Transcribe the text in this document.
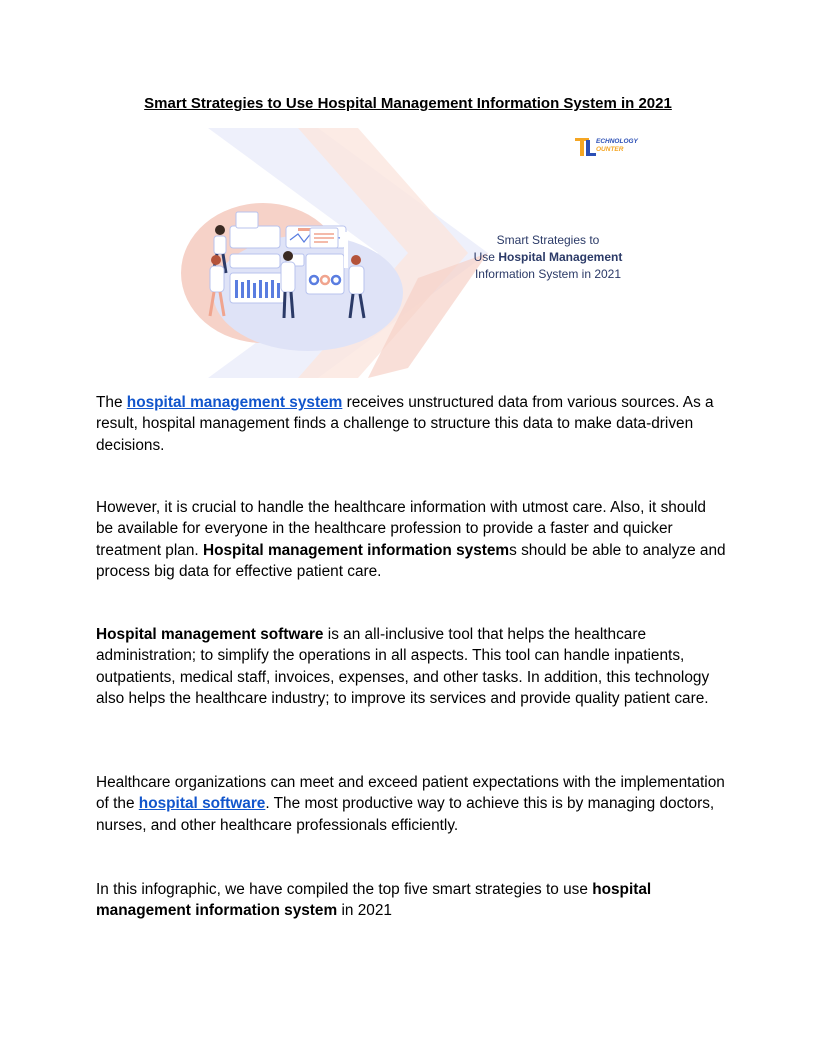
Smart Strategies to Use Hospital Management Information System in 2021
ECHNOLOGY
OUNTER
Smart Strategies to
Use Hospital Management
Information System in 2021

The hospital management system receives unstructured data from various sources. As a result, hospital management finds a challenge to structure this data to make data-driven decisions.

However, it is crucial to handle the healthcare information with utmost care. Also, it should be available for everyone in the healthcare profession to provide a faster and quicker treatment plan. Hospital management information systems should be able to analyze and process big data for effective patient care.

Hospital management software is an all-inclusive tool that helps the healthcare administration; to simplify the operations in all aspects. This tool can handle inpatients, outpatients, medical staff, invoices, expenses, and other tasks. In addition, this technology also helps the healthcare industry; to improve its services and provide quality patient care.

Healthcare organizations can meet and exceed patient expectations with the implementation of the hospital software. The most productive way to achieve this is by managing doctors, nurses, and other healthcare professionals efficiently.

In this infographic, we have compiled the top five smart strategies to use hospital management information system in 2021
